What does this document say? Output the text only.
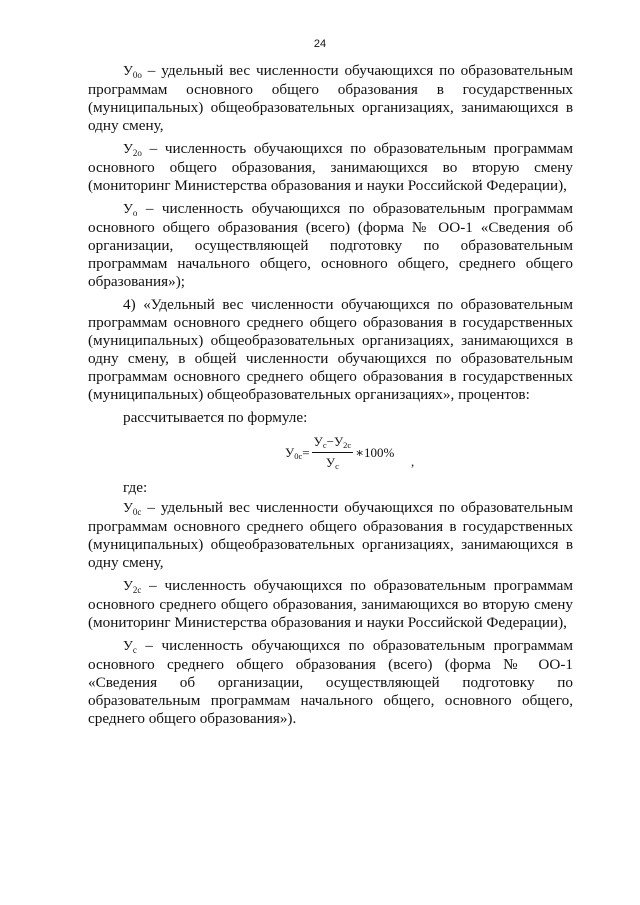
24

$У_{0о}$ – удельный вес численности обучающихся по образовательным программам основного общего образования в государственных (муниципальных) общеобразовательных организациях, занимающихся в одну смену,

$У_{2о}$ – численность обучающихся по образовательным программам основного общего образования, занимающихся во вторую смену (мониторинг Министерства образования и науки Российской Федерации),

$У_о$ – численность обучающихся по образовательным программам основного общего образования (всего) (форма № ОО-1 «Сведения об организации, осуществляющей подготовку по образовательным программам начального общего, основного общего, среднего общего образования»);

4) «Удельный вес численности обучающихся по образовательным программам основного среднего общего образования в государственных (муниципальных) общеобразовательных организациях, занимающихся в одну смену, в общей численности обучающихся по образовательным программам основного среднего общего образования в государственных (муниципальных) общеобразовательных организациях», процентов:

рассчитывается по формуле:

$У_{0с}= \frac{У_с-У_{2с}}{У_с}$ ∗100%
,

где:

$У_{0с}$ – удельный вес численности обучающихся по образовательным программам основного среднего общего образования в государственных (муниципальных) общеобразовательных организациях, занимающихся в одну смену,

$У_{2с}$ – численность обучающихся по образовательным программам основного среднего общего образования, занимающихся во вторую смену (мониторинг Министерства образования и науки Российской Федерации),

$У_с$ – численность обучающихся по образовательным программам основного среднего общего образования (всего) (форма № ОО-1 «Сведения об организации, осуществляющей подготовку по образовательным программам начального общего, основного общего, среднего общего образования»).
